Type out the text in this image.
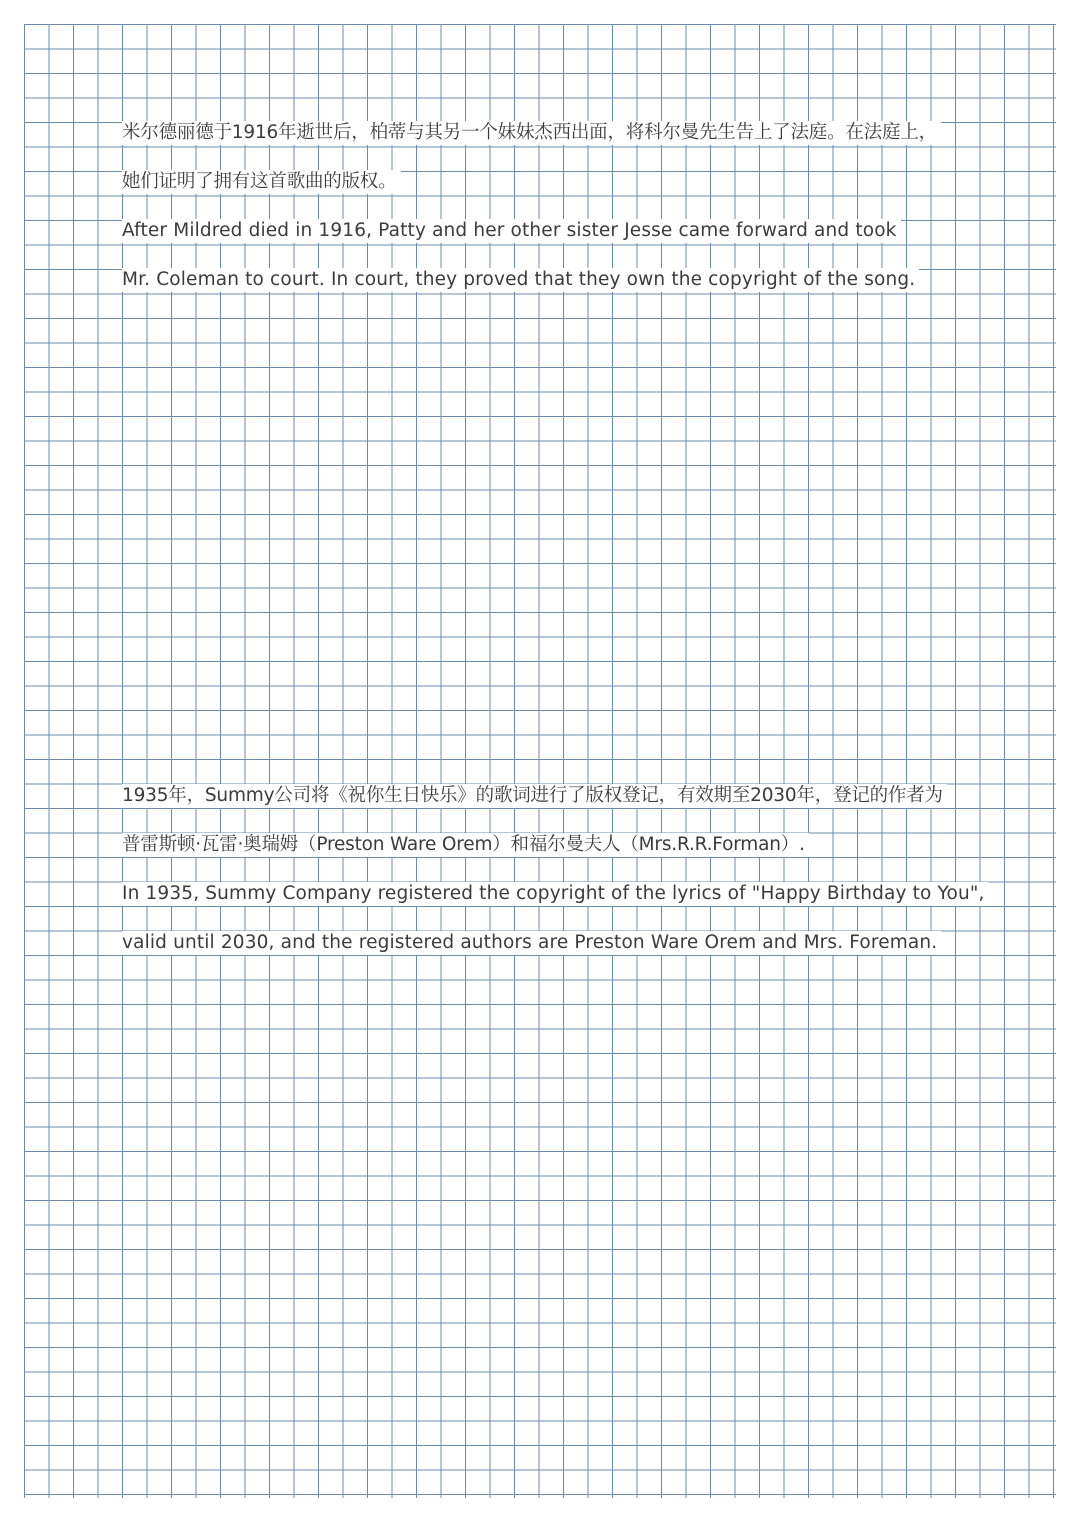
米尔德丽德于1916年逝世后，柏蒂与其另一个妹妹杰西出面，将科尔曼先生告上了法庭。在法庭上，
她们证明了拥有这首歌曲的版权。
After Mildred died in 1916, Patty and her other sister Jesse came forward and took
Mr. Coleman to court. In court, they proved that they own the copyright of the song.
1935年，Summy公司将《祝你生日快乐》的歌词进行了版权登记，有效期至2030年，登记的作者为
普雷斯顿·瓦雷·奥瑞姆（Preston Ware Orem）和福尔曼夫人（Mrs.R.R.Forman）.
In 1935, Summy Company registered the copyright of the lyrics of "Happy Birthday to You",
valid until 2030, and the registered authors are Preston Ware Orem and Mrs. Foreman.
